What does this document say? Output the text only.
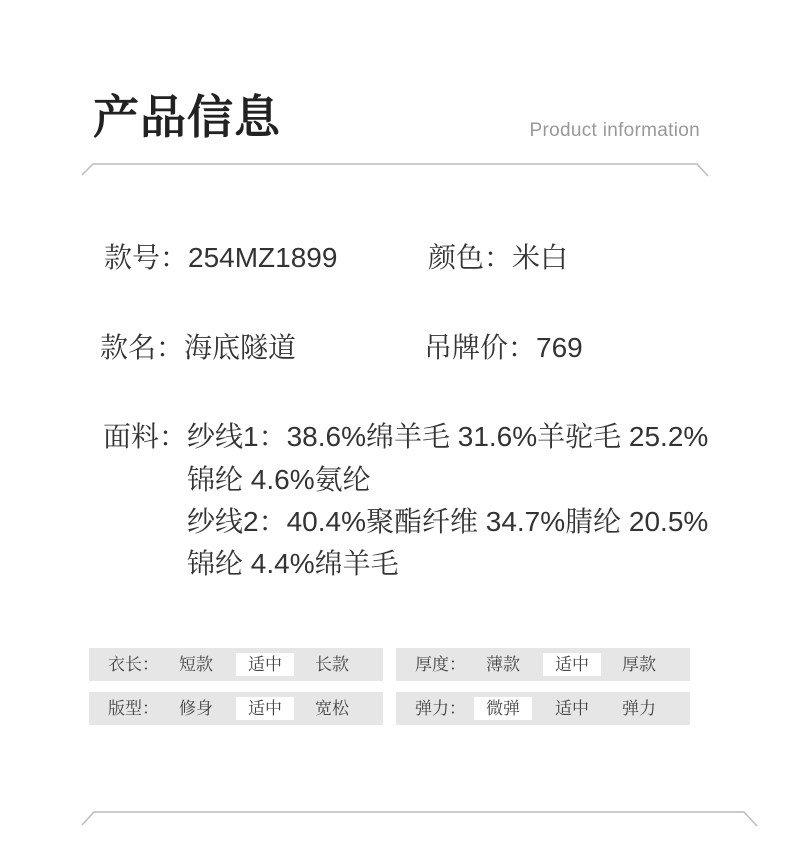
产品信息	Product information
款号： 254MZ1899	颜色： 米白
款名： 海底隧道	吊牌价： 769
面料： 纱线1：38.6%绵羊毛 31.6%羊驼毛 25.2%
锦纶 4.6%氨纶
纱线2：40.4%聚酯纤维 34.7%腈纶 20.5%
锦纶 4.4%绵羊毛
衣长：	短款	适中	长款	厚度：	薄款	适中	厚款
版型：	修身	适中	宽松	弹力：	微弹	适中	弹力
